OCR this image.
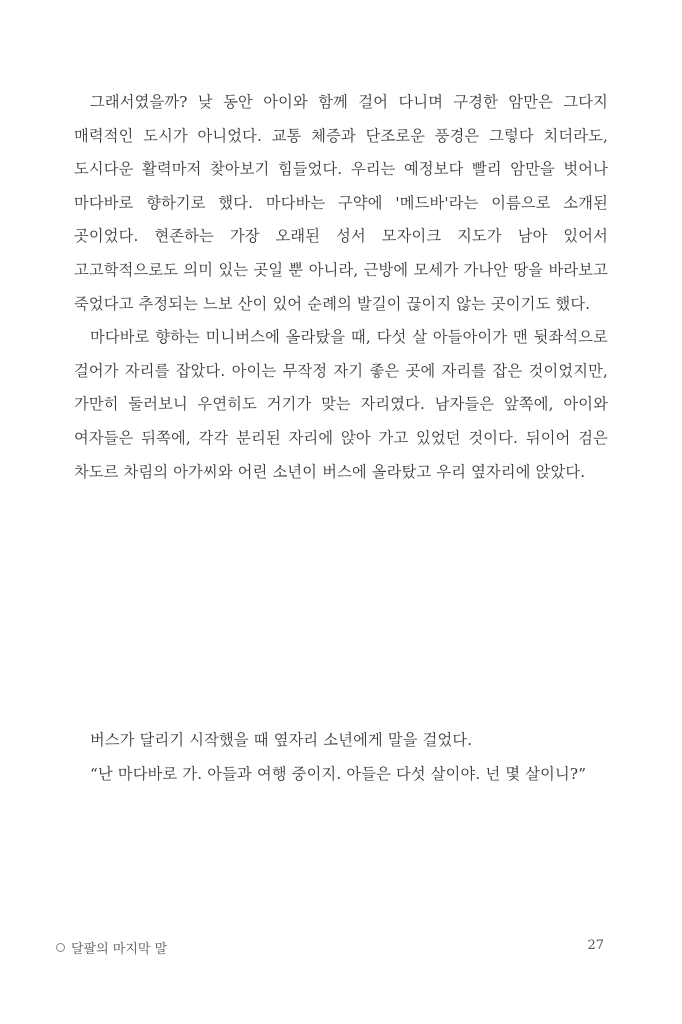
그래서였을까? 낮 동안 아이와 함께 걸어 다니며 구경한 암만은 그다지 매력적인 도시가 아니었다. 교통 체증과 단조로운 풍경은 그렇다 치더라도, 도시다운 활력마저 찾아보기 힘들었다. 우리는 예정보다 빨리 암만을 벗어나 마다바로 향하기로 했다. 마다바는 구약에 '메드바'라는 이름으로 소개된 곳이었다. 현존하는 가장 오래된 성서 모자이크 지도가 남아 있어서 고고학적으로도 의미 있는 곳일 뿐 아니라, 근방에 모세가 가나안 땅을 바라보고 죽었다고 추정되는 느보 산이 있어 순례의 발길이 끊이지 않는 곳이기도 했다.

마다바로 향하는 미니버스에 올라탔을 때, 다섯 살 아들아이가 맨 뒷좌석으로 걸어가 자리를 잡았다. 아이는 무작정 자기 좋은 곳에 자리를 잡은 것이었지만, 가만히 둘러보니 우연히도 거기가 맞는 자리였다. 남자들은 앞쪽에, 아이와 여자들은 뒤쪽에, 각각 분리된 자리에 앉아 가고 있었던 것이다. 뒤이어 검은 차도르 차림의 아가씨와 어린 소년이 버스에 올라탔고 우리 옆자리에 앉았다.

버스가 달리기 시작했을 때 옆자리 소년에게 말을 걸었다.

“난 마다바로 가. 아들과 여행 중이지. 아들은 다섯 살이야. 넌 몇 살이니?”

달팔의 마지막 말	27
